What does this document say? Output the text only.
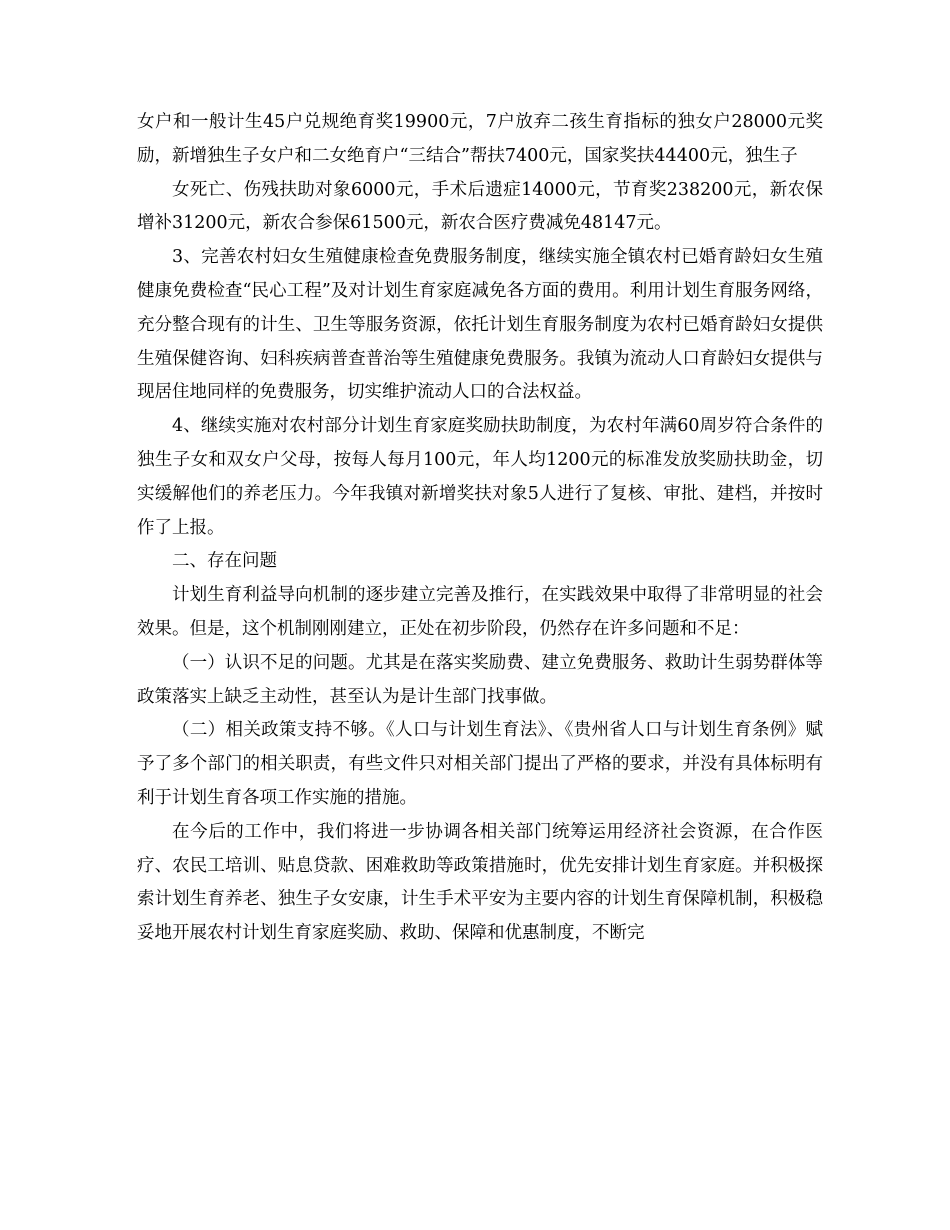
女户和一般计生45户兑规绝育奖19900元，7户放弃二孩生育指标的独女户28000元奖励，新增独生子女户和二女绝育户“三结合”帮扶7400元，国家奖扶44400元，独生子

女死亡、伤残扶助对象6000元，手术后遗症14000元，节育奖238200元，新农保增补31200元，新农合参保61500元，新农合医疗费减免48147元。

3、完善农村妇女生殖健康检查免费服务制度，继续实施全镇农村已婚育龄妇女生殖健康免费检查“民心工程”及对计划生育家庭减免各方面的费用。利用计划生育服务网络，充分整合现有的计生、卫生等服务资源，依托计划生育服务制度为农村已婚育龄妇女提供生殖保健咨询、妇科疾病普查普治等生殖健康免费服务。我镇为流动人口育龄妇女提供与现居住地同样的免费服务，切实维护流动人口的合法权益。

4、继续实施对农村部分计划生育家庭奖励扶助制度，为农村年满60周岁符合条件的独生子女和双女户父母，按每人每月100元，年人均1200元的标准发放奖励扶助金，切实缓解他们的养老压力。今年我镇对新增奖扶对象5人进行了复核、审批、建档，并按时作了上报。

二、存在问题

计划生育利益导向机制的逐步建立完善及推行，在实践效果中取得了非常明显的社会效果。但是，这个机制刚刚建立，正处在初步阶段，仍然存在许多问题和不足：

（一）认识不足的问题。尤其是在落实奖励费、建立免费服务、救助计生弱势群体等政策落实上缺乏主动性，甚至认为是计生部门找事做。

（二）相关政策支持不够。《人口与计划生育法》、《贵州省人口与计划生育条例》赋予了多个部门的相关职责，有些文件只对相关部门提出了严格的要求，并没有具体标明有利于计划生育各项工作实施的措施。

在今后的工作中，我们将进一步协调各相关部门统筹运用经济社会资源，在合作医疗、农民工培训、贴息贷款、困难救助等政策措施时，优先安排计划生育家庭。并积极探索计划生育养老、独生子女安康，计生手术平安为主要内容的计划生育保障机制，积极稳妥地开展农村计划生育家庭奖励、救助、保障和优惠制度，不断完
